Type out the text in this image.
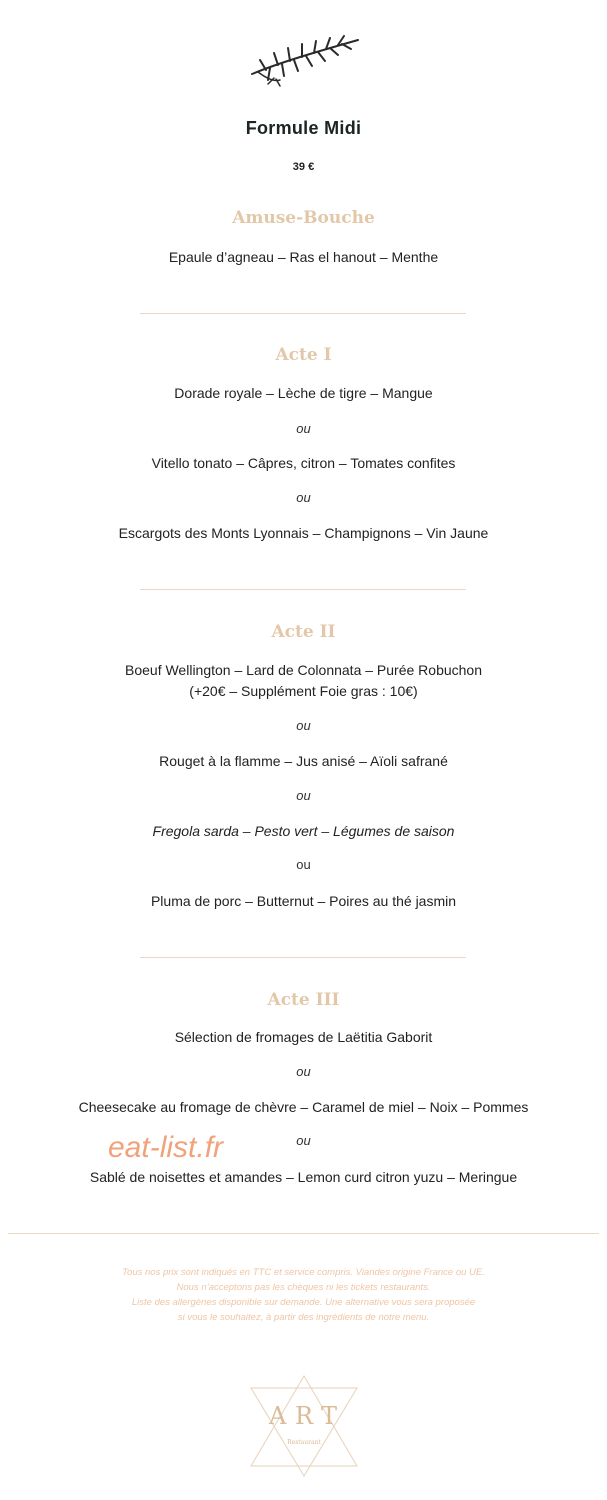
Formule Midi
39 €
Amuse-Bouche
Epaule d’agneau – Ras el hanout – Menthe
Acte I
Dorade royale – Lèche de tigre – Mangue
ou
Vitello tonato – Câpres, citron – Tomates confites
ou
Escargots des Monts Lyonnais – Champignons – Vin Jaune
Acte II
Boeuf Wellington – Lard de Colonnata – Purée Robuchon
(+20€ – Supplément Foie gras : 10€)
ou
Rouget à la flamme – Jus anisé – Aïoli safrané
ou
Fregola sarda – Pesto vert – Légumes de saison
ou
Pluma de porc – Butternut – Poires au thé jasmin
Acte III
Sélection de fromages de Laëtitia Gaborit
ou
Cheesecake au fromage de chèvre – Caramel de miel – Noix – Pommes
ou
Sablé de noisettes et amandes – Lemon curd citron yuzu – Meringue
eat-list.fr
Tous nos prix sont indiqués en TTC et service compris. Viandes origine France ou UE.
Nous n’acceptons pas les chèques ni les tickets restaurants.
Liste des allergènes disponible sur demande. Une alternative vous sera proposée
si vous le souhaitez, à partir des ingrédients de notre menu.
A R T
Restaurant
